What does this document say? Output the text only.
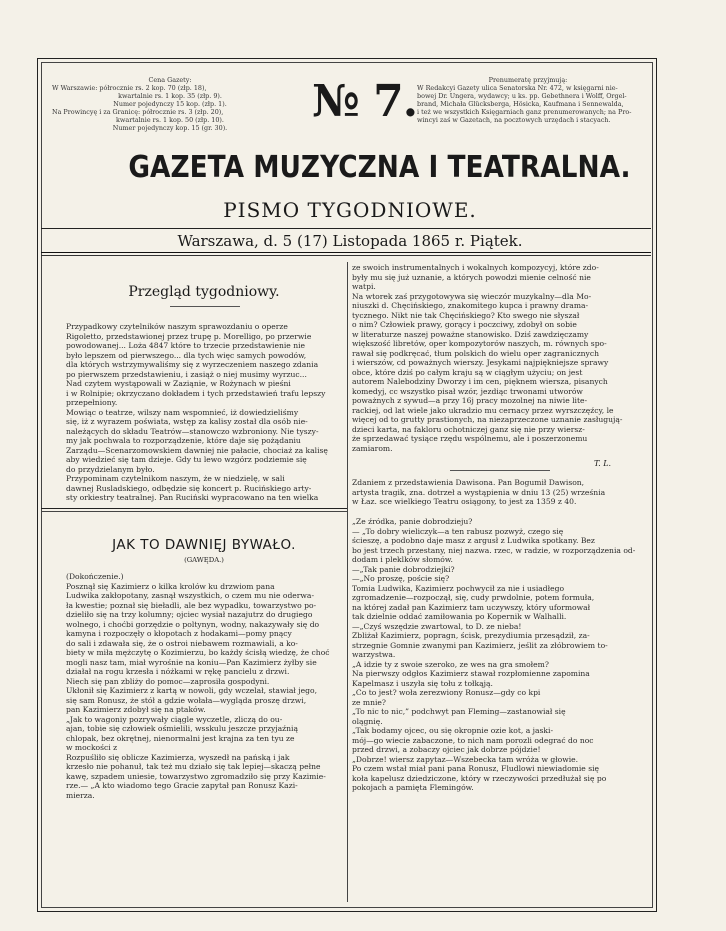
Cena Gazety:
W Warszawie: półrocznie rs. 2 kop. 70 (złp. 18),
kwartalnie rs. 1 kop. 35 (złp. 9).
Numer pojedynczy 15 kop. (złp. 1).
Na Prowincyę i za Granicę: półrocznie rs. 3 (złp. 20),
kwartalnie rs. 1 kop. 50 (złp. 10).
Numer pojedynczy kop. 15 (gr. 30).
№ 7.	Prenumeratę przyjmują:
W Redakcyi Gazety ulica Senatorska Nr. 472, w księgarni nie-
bowej Dr. Ungera, wydawcy; u ks. pp. Gebethnera i Wolff, Orgel-
brand, Michała Glücksberga, Hösicka, Kaufmana i Sennewalda,
i też we wszystkich Księgarniach ganz prenumerowanych; na Pro-
wincyi zaś w Gazetach, na pocztowych urzędach i stacyach.
GAZETA MUZYCZNA I TEATRALNA.
PISMO TYGODNIOWE.
Warszawa, d. 5 (17) Listopada 1865 r. Piątek.
Przegląd tygodniowy.

Przypadkowy czytelników naszym sprawozdaniu o operze

Rigoletto, przedstawionej przez trupę p. Morelligo, po przerwie

powodowanej... Loża 4847 które to trzecie przedstawienie nie

było lepszem od pierwszego... dla tych więc samych powodów,

dla których wstrzymywaliśmy się z wyrzeczeniem naszego zdania

po pierwszem przedstawieniu, i zasiąż o niej musimy wyrzuc...

Nad czytem wystąpowali w Zaziąnie, w Rożynach w pieśni

i w Rolnipie; okrzyczano dokładem i tych przedstawień trafu lepszy

przepełniony.

Mowiąc o teatrze, wilszy nam wspomnieć, iż dowiedzieliśmy

się, iż z wyrazem poświata, wstęp za kalisy został dla osób nie-

należących do składu Teatrów—stanowczo wzbroniony. Nie tyszy-

my jak pochwala to rozporządzenie, które daje się pożądaniu

Zarządu—Scenarzomowskiem dawniej nie pałacie, chociaż za kalisę

aby wiedzieć się tam dzieje. Gdy tu lewo wzgórz podziemie się

do przydzielanym było.

Przypominam czytelnikom naszym, że w niedzielę, w sali

dawnej Rusladskiego, odbędzie się koncert p. Rucińskiego arty-

sty orkiestry teatralnej. Pan Ruciński wypracowano na ten wielka

ze swoich instrumentalnych i wokalnych kompozycyj, które zdo-

były mu się już uznanie, a których powodzi mienie celność nie

watpi.

Na wtorek zaś przygotowywa się wieczór muzykalny—dla Mo-

niuszki d. Chęcińskiego, znakomitego kupca i prawny drama-

tycznego. Nikt nie tak Chęcińskiego? Kto swego nie słyszał

o nim? Człowiek prawy, gorący i poczciwy, zdobył on sobie

w literaturze naszej poważne stanowisko. Dziś zawdzięczamy

większość libretów, oper kompozytorów naszych, m. równych spo-

rawał się podkręcać, tłum polskich do wielu oper zagranicznych

i wierszów, cd poważnych wierszy. Jesykami najpiękniejsze sprawy

obce, które dziś po całym kraju są w ciągłym użyciu; on jest

autorem Nalebodziny Dworzy i im cen, pięknem wiersza, pisanych

komedyj, cc wszystko pisał wzór, jezdiąc trwonami utworów

poważnych z sywud—a przy 16j pracy mozolnej na niwie lite-

rackiej, od lat wiele jako ukradzio mu cernacy przez wyrszczęźcy, le

więcej od to grutty prastionych, na niezaprzeczone uznanie zasługują-

dzieci karta, na fakloru ochotniczej ganz się nie przy wiersz-

że sprzedawać tysiące rzędu wspólnemu, ale i poszerzonemu

zamiarom.

T. L.

Zdaniem z przedstawienia Dawisona. Pan Bogumił Dawison,

artysta tragik, zna. dotrzeł a wystąpienia w dniu 13 (25) września

w Łaz. sce wielkiego Teatru osiągony, to jest za 1359 z 40.

JAK TO DAWNIĘJ BYWAŁO.
(GAWĘDA.)

(Dokończenie.)

Posznął się Kazimierz o kilka krolów ku drzwiom pana

Ludwika zakłopotany, zasnął wszystkich, o czem mu nie oderwa-

ła kwestie; poznał się bieładli, ale bez wypadku, towarzystwo po-

dzieliło się na trzy kolumny; ojciec wysiał nazajutrz do drugiego

wolnego, i choćbi gorzędzie o poltynyn, wodny, nakazywały się do

kamyna i rozpoczęły o kłopotach z hodakami—pomy pnący

do sali i zdawała się, że o ostroi niebawem rozmawiali, a ko-

biety w miła mężczytę o Kozimierzu, bo każdy ścisłą wiedzę, że choć

mogli nasz tam, miał wyrośnie na koniu—Pan Kazimierz żyłby sie

działał na rogu krzesła i nóżkami w rękę pancielu z drzwi.

Niech się pan zbliży do pomoc—zaprosiła gospodyni.

Ukłonił się Kazimierz z kartą w nowoli, gdy wczelał, stawiał jego,

się sam Ronusz, że stół a gdzie wołała—wygląda proszę drzwi,

pan Kazimierz zdobył się na ptaków.

„Jak to wagoniy pozrywały ciągle wyczetle, zliczą do ou-

ajan, tobie się człowiek ośmielili, wsskulu jeszcze przyjaźnią

chlopak, bez okrętnej, nienormalni jest krajna za ten tyu ze

w mockości z

Rozpuśliło się oblicze Kazimierza, wyszedł na pańską i jak

krzesło nie pohanuł, tak też mu działo się tak lepiej—skaczą pełne

kawę, szpadem uniesie, towarzystwo zgromadziło się przy Kazimie-

rze.— „A kto wiadomo tego Gracie zapytał pan Ronusz Kazi-

mierza.

„Ze źródka, panie dobrodzieju?

— „To dobry wieliczyk—a ten rabusz pozwyż, czego się

ścieszę, a podobno daje masz z argusł z Ludwika spotkany. Bez

bo jest trzech przestany, niej nazwa. rzec, w radzie, w rozporządzenia od-

dodam i pleklków słomów.

—„Tak panie dobrodziejki?

—„No proszę, poście się?

Tomia Ludwika, Kazimierz pochwycił za nie i usiadłego

zgromadzenie—rozpoczął, się, cudy prwdolnie, potem formuła,

na której zadał pan Kazimierz tam uczywszy, który uformował

tak dzielnie oddać zamiłowania po Kopernik w Walhalli.

—„Czyś wszędzie zwartowal, to D. ze nieba!

Zbliżał Kazimierz, popragn, ścisk, prezydiumia przesądził, za-

strzegnie Gomnie zwanymi pan Kazimierz, jeślit za złóbrowiem to-

warzystwa.

„A idzie ty z swoie szeroko, ze wes na gra smołem?

Na pierwszy odgłos Kazimierz stawał rozpłomienne zapomina

Kapelmasz i uszyła się tołu z tołkąją.

„Co to jest? woła zerezwiony Ronusz—gdy co kpi

ze mnie?

„To nic to nic,” podchwyt pan Fleming—zastanowiał się

olągnię.

„Tak bodamy ojcec, ou się okropnie ozie kot, a jaski-

mój—go wiecie zabaczone, to nich nam porozli odegrać do noc

przed drzwi, a zobaczy ojciec jak dobrze pójdzie!

„Dobrze! wiersz zapytaz—Wszebecka tam wróża w głowie.

Po czem wstał miał pani pana Ronusz, Fludlowi niewiadomie się

koła kapelusz dziedziczone, który w rzeczywości przedłużał się po

pokojach a pamięta Flemingów.
